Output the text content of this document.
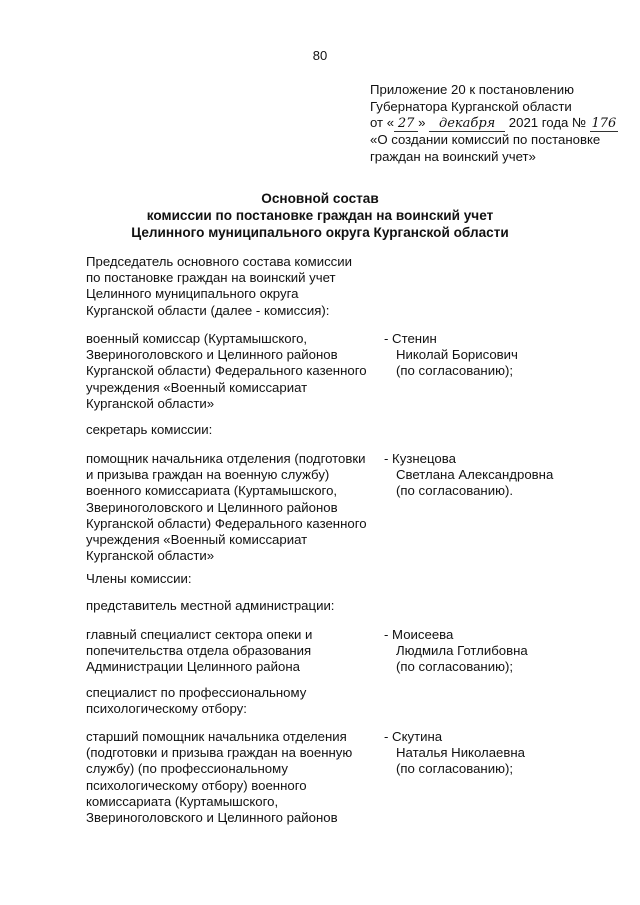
80
Приложение 20 к постановлению
Губернатора Курганской области
от « 27 » декабря 2021 года № 176
«О создании комиссий по постановке
граждан на воинский учет»
Основной состав
комиссии по постановке граждан на воинский учет
Целинного муниципального округа Курганской области
Председатель основного состава комиссии
по постановке граждан на воинский учет
Целинного муниципального округа
Курганской области (далее - комиссия):
военный комиссар (Куртамышского,
Звериноголовского и Целинного районов
Курганской области) Федерального казенного
учреждения «Военный комиссариат
Курганской области»
- Стенин
Николай Борисович
(по согласованию);
секретарь комиссии:
помощник начальника отделения (подготовки
и призыва граждан на военную службу)
военного комиссариата (Куртамышского,
Звериноголовского и Целинного районов
Курганской области) Федерального казенного
учреждения «Военный комиссариат
Курганской области»
- Кузнецова
Светлана Александровна
(по согласованию).
Члены комиссии:
представитель местной администрации:
главный специалист сектора опеки и
попечительства отдела образования
Администрации Целинного района
- Моисеева
Людмила Готлибовна
(по согласованию);
специалист по профессиональному
психологическому отбору:
старший помощник начальника отделения
(подготовки и призыва граждан на военную
службу) (по профессиональному
психологическому отбору) военного
комиссариата (Куртамышского,
Звериноголовского и Целинного районов
- Скутина
Наталья Николаевна
(по согласованию);
